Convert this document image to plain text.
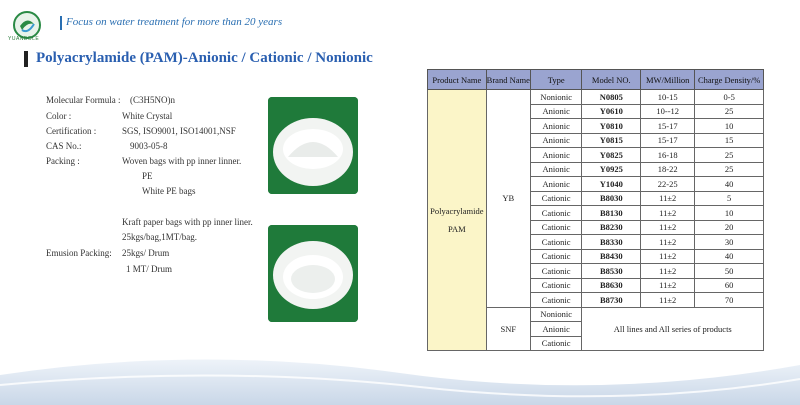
YUANBOLE
Focus on water treatment for more than 20 years
Polyacrylamide (PAM)-Anionic / Cationic / Nonionic
Molecular Formula : (C3H5NO)n
Color :	White Crystal
Certification :	SGS, ISO9001, ISO14001,NSF
CAS No.:	9003-05-8
Packing :	Woven bags with pp inner linner.
PE
White PE bags
Kraft paper bags with pp inner liner.
25kgs/bag,1MT/bag.
Emusion Packing: 25kgs/ Drum
1 MT/ Drum
Product Name	Brand Name	Type	Model NO.	MW/Million	Charge Density/%

Polyacrylamide
PAM	YB	Nonionic	N0805	10-15	0-5
		Anionic	Y0610	10--12	25
		Anionic	Y0810	15-17	10
		Anionic	Y0815	15-17	15
		Anionic	Y0825	16-18	25
		Anionic	Y0925	18-22	25
		Anionic	Y1040	22-25	40
		Cationic	B8030	11±2	5
		Cationic	B8130	11±2	10
		Cationic	B8230	11±2	20
		Cationic	B8330	11±2	30
		Cationic	B8430	11±2	40
		Cationic	B8530	11±2	50
		Cationic	B8630	11±2	60
		Cationic	B8730	11±2	70
	SNF	Nonionic	All lines and All series of products		
		Anionic			
		Cationic			
